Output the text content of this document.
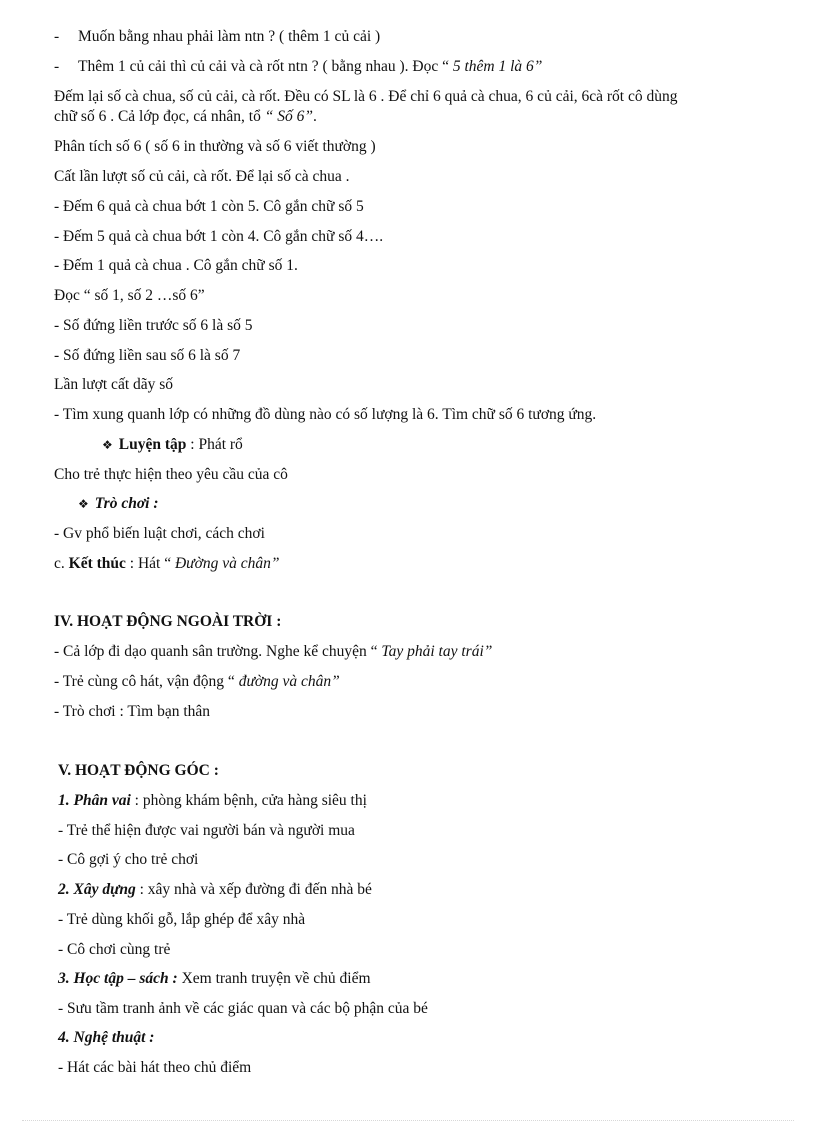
- Muốn bằng nhau phải làm ntn ? ( thêm 1 củ cải )
- Thêm 1 củ cải thì củ cải và cà rốt ntn ? ( bằng nhau ). Đọc “ 5 thêm 1 là 6”
Đếm lại số cà chua, số củ cải, cà rốt. Đều có SL là 6 . Để chỉ 6 quả cà chua, 6 củ cải, 6cà rốt cô dùng
chữ số 6 . Cả lớp đọc, cá nhân, tổ “ Số 6”.
Phân tích số 6 ( số 6 in thường và số 6 viết thường )
Cất lần lượt số củ cải, cà rốt. Để lại số cà chua .
- Đếm 6 quả cà chua bớt 1 còn 5. Cô gắn chữ số 5
- Đếm 5 quả cà chua bớt 1 còn 4. Cô gắn chữ số 4….
- Đếm 1 quả cà chua . Cô gắn chữ số 1.
Đọc “ số 1, số 2 …số 6”
- Số đứng liền trước số 6 là số 5
- Số đứng liền sau số 6 là số 7
Lần lượt cất dãy số
- Tìm xung quanh lớp có những đồ dùng nào có số lượng là 6. Tìm chữ số 6 tương ứng.
❖ Luyện tập : Phát rổ
Cho trẻ thực hiện theo yêu cầu của cô
❖ Trò chơi :
- Gv phổ biến luật chơi, cách chơi
c. Kết thúc : Hát “ Đường và chân”
IV. HOẠT ĐỘNG NGOÀI TRỜI :
- Cả lớp đi dạo quanh sân trường. Nghe kể chuyện “ Tay phải tay trái”
- Trẻ cùng cô hát, vận động “ đường và chân”
- Trò chơi : Tìm bạn thân
V. HOẠT ĐỘNG GÓC :
1. Phân vai : phòng khám bệnh, cửa hàng siêu thị
- Trẻ thể hiện được vai người bán và người mua
- Cô gợi ý cho trẻ chơi
2. Xây dựng : xây nhà và xếp đường đi đến nhà bé
- Trẻ dùng khối gỗ, lắp ghép để xây nhà
- Cô chơi cùng trẻ
3. Học tập – sách : Xem tranh truyện về chủ điểm
- Sưu tầm tranh ảnh về các giác quan và các bộ phận của bé
4. Nghệ thuật :
- Hát các bài hát theo chủ điểm
